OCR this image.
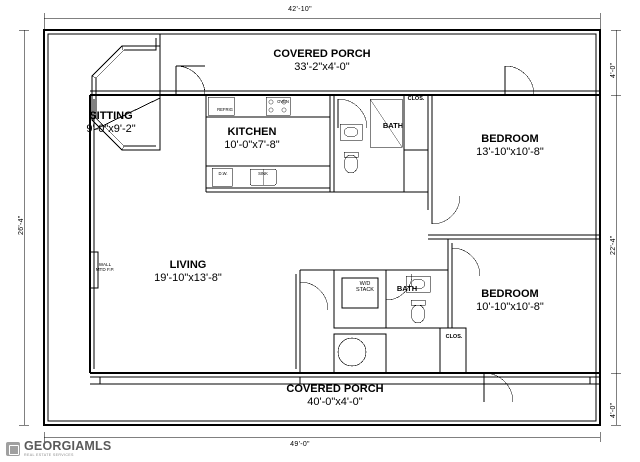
42'-10"
49'-0"
26'-4"
4'-0"
22'-4"
4'-0"
COVERED PORCH
33'-2"x4'-0"
SITTING
9'-0"x9'-2"	KITCHEN
10'-0"x7'-8"
BATH
CLOS.
BEDROOM
13'-10"x10'-8"
LIVING
19'-10"x13'-8"
BATH
CLOS.
BEDROOM
10'-10"x10'-8"
COVERED PORCH
40'-0"x4'-0"
W/D
STACK
WALL
MTD F.P.
REFRIG
OVEN
D.W.	SINK
GEORGIAMLS
REAL ESTATE SERVICES
